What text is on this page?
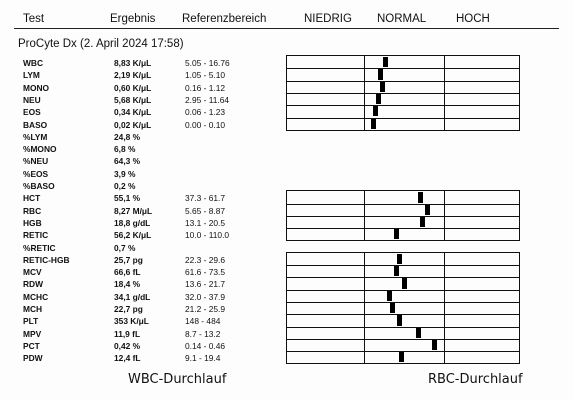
Test	Ergebnis Referenzbereich	NIEDRIG NORMAL	HOCH
ProCyte Dx (2. April 2024 17:58)
WBC	8,83 K/μL	5.05 - 16.76
LYM	2,19 K/μL	1.05 - 5.10
MONO	0,60 K/μL	0.16 - 1.12
NEU	5,68 K/μL	2.95 - 11.64
EOS	0,34 K/μL	0.06 - 1.23
BASO	0,02 K/μL	0.00 - 0.10
%LYM	24,8 %
%MONO	6,8 %
%NEU	64,3 %
%EOS	3,9 %
%BASO	0,2 %
HCT	55,1 %	37.3 - 61.7
RBC	8,27 M/μL	5.65 - 8.87
HGB	18,8 g/dL	13.1 - 20.5
RETIC	56,2 K/μL	10.0 - 110.0
%RETIC	0,7 %
RETIC-HGB	25,7 pg	22.3 - 29.6
MCV	66,6 fL	61.6 - 73.5
RDW	18,4 %	13.6 - 21.7
MCHC	34,1 g/dL	32.0 - 37.9
MCH	22,7 pg	21.2 - 25.9
PLT	353 K/μL	148 - 484
MPV	11,9 fL	8.7 - 13.2
PCT	0,42 %	0.14 - 0.46
PDW	12,4 fL	9.1 - 19.4
WBC-Durchlauf	RBC-Durchlauf
